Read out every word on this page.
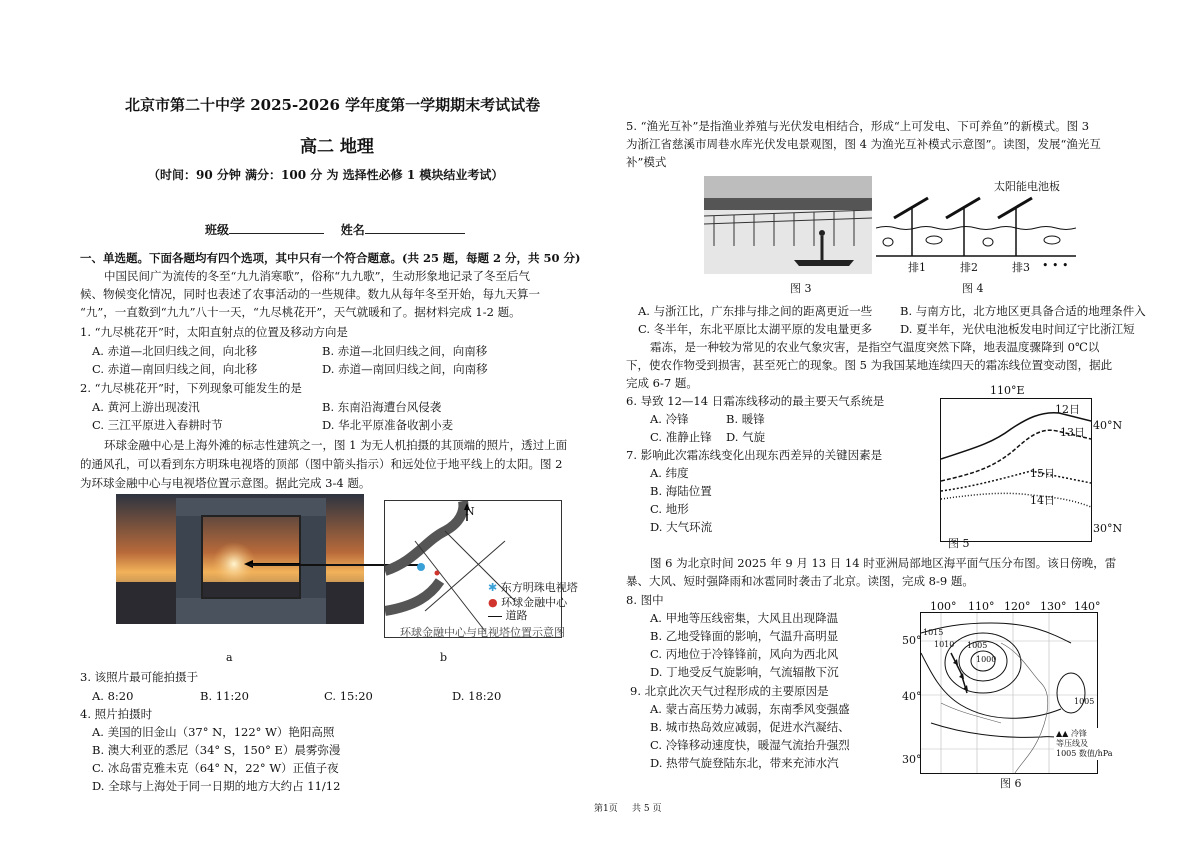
北京市第二十中学 2025-2026 学年度第一学期期末考试试卷
高二 地理
（时间：90 分钟 满分：100 分 为 选择性必修 1 模块结业考试）
班级	姓名
一、单选题。下面各题均有四个选项，其中只有一个符合题意。(共 25 题，每题 2 分，共 50 分)
中国民间广为流传的冬至“九九消寒歌”，俗称“九九歌”，生动形象地记录了冬至后气
候、物候变化情况，同时也表述了农事活动的一些规律。数九从每年冬至开始，每九天算一
“九”，一直数到“九九”八十一天，“九尽桃花开”，天气就暖和了。据材料完成 1-2 题。
1. “九尽桃花开”时，太阳直射点的位置及移动方向是
A. 赤道—北回归线之间，向北移	B. 赤道—北回归线之间，向南移
C. 赤道—南回归线之间，向北移	D. 赤道—南回归线之间，向南移
2. “九尽桃花开”时，下列现象可能发生的是
A. 黄河上游出现凌汛	B. 东南沿海遭台风侵袭
C. 三江平原进入春耕时节	D. 华北平原准备收割小麦
环球金融中心是上海外滩的标志性建筑之一，图 1 为无人机拍摄的其顶端的照片，透过上面
的通风孔，可以看到东方明珠电视塔的顶部（图中箭头指示）和远处位于地平线上的太阳。图 2
为环球金融中心与电视塔位置示意图。据此完成 3-4 题。
N
✱ 东方明珠电视塔
● 环球金融中心
道路
环球金融中心与电视塔位置示意图
a	b
3. 该照片最可能拍摄于
A. 8:20	B. 11:20	C. 15:20	D. 18:20
4. 照片拍摄时
A. 美国的旧金山（37° N，122° W）艳阳高照
B. 澳大利亚的悉尼（34° S，150° E）晨雾弥漫
C. 冰岛雷克雅未克（64° N，22° W）正值子夜
D. 全球与上海处于同一日期的地方大约占 11/12
5. “渔光互补”是指渔业养殖与光伏发电相结合，形成“上可发电、下可养鱼”的新模式。图 3
为浙江省慈溪市周巷水库光伏发电景观图，图 4 为渔光互补模式示意图”。读图，发展“渔光互
补”模式
图 3
太阳能电池板
排1	排2	排3 • • •
图 4
A. 与浙江比，广东排与排之间的距离更近一些 B. 与南方比，北方地区更具备合适的地理条件入
C. 冬半年，东北平原比太湖平原的发电量更多 D. 夏半年，光伏电池板发电时间辽宁比浙江短
霜冻，是一种较为常见的农业气象灾害，是指空气温度突然下降，地表温度骤降到 0℃以
下，使农作物受到损害，甚至死亡的现象。图 5 为我国某地连续四天的霜冻线位置变动图，据此
完成 6-7 题。
6. 导致 12—14 日霜冻线移动的最主要天气系统是
A. 冷锋	B. 暖锋
C. 准静止锋 D. 气旋
7. 影响此次霜冻线变化出现东西差异的关键因素是
A. 纬度
B. 海陆位置
C. 地形
D. 大气环流
110°E
12日
13日
15日
14日
40°N
30°N
图 5
图 6 为北京时间 2025 年 9 月 13 日 14 时亚洲局部地区海平面气压分布图。该日傍晚，雷
暴、大风、短时强降雨和冰雹同时袭击了北京。读图，完成 8-9 题。
8. 图中
A. 甲地等压线密集，大风且出现降温
B. 乙地受锋面的影响，气温升高明显
C. 丙地位于冷锋锋前，风向为西北风
D. 丁地受反气旋影响，气流辐散下沉
9. 北京此次天气过程形成的主要原因是
A. 蒙古高压势力减弱，东南季风变强盛
B. 城市热岛效应减弱，促进水汽凝结、
C. 冷锋移动速度快，暖湿气流抬升强烈
D. 热带气旋登陆东北，带来充沛水汽
100° 110° 120° 130° 140°
1015
1010 1005
1000
1005
50°
40°
30°
▲▲ 冷锋
等压线及
1005 数值/hPa
图 6
第1页 共 5 页
